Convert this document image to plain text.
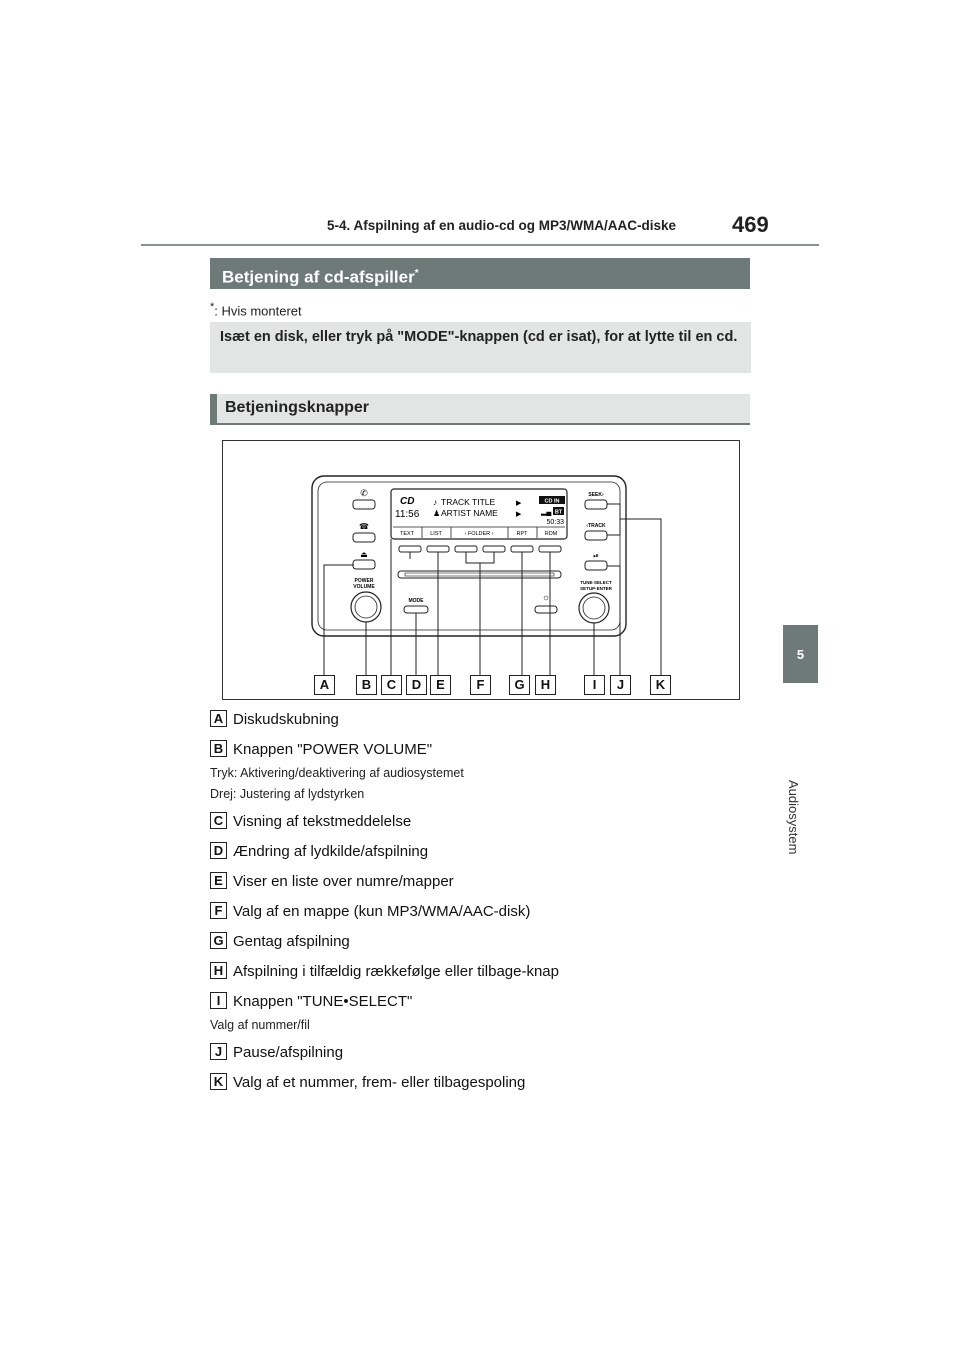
5-4. Afspilning af en audio-cd og MP3/WMA/AAC-diske	469
5
Audiosystem
Betjening af cd-afspiller*
*: Hvis monteret
Isæt en disk, eller tryk på "MODE"-knappen (cd er isat), for at lytte til en cd.
Betjeningsknapper
✆
☎
⏏
POWER
VOLUME
CD
11:56
♪ TRACK TITLE
♟ ARTIST NAME
▶
▶
CD IN
▂▄ BT
50:33
TEXT	LIST	‹ FOLDER ›	RPT	RDM
MODE
SEEK›
‹TRACK
⏯
TUNE·SELECT
SETUP·ENTER
☼
A	B	C	D	E	F	G	H	I	J	K
A Diskudskubning
B Knappen "POWER VOLUME"
Tryk: Aktivering/deaktivering af audiosystemet
Drej: Justering af lydstyrken
C Visning af tekstmeddelelse
D Ændring af lydkilde/afspilning
E Viser en liste over numre/mapper
F Valg af en mappe (kun MP3/WMA/AAC-disk)
G Gentag afspilning
H Afspilning i tilfældig rækkefølge eller tilbage-knap
I Knappen "TUNE•SELECT"
Valg af nummer/fil
J Pause/afspilning
K Valg af et nummer, frem- eller tilbagespoling
